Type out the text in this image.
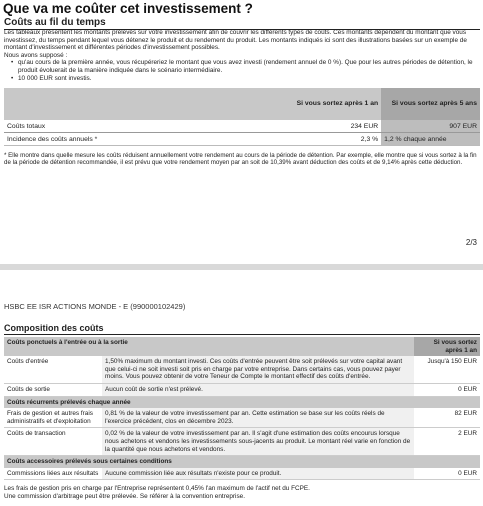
Que va me coûter cet investissement ?
Coûts au fil du temps

Les tableaux présentent les montants prélevés sur votre investissement afin de couvrir les différents types de coûts. Ces montants dépendent du montant que vous investissez, du temps pendant lequel vous détenez le produit et du rendement du produit. Les montants indiqués ici sont des illustrations basées sur un exemple de montant d'investissement et différentes périodes d'investissement possibles.

Nous avons supposé :

• qu'au cours de la première année, vous récupéreriez le montant que vous avez investi (rendement annuel de 0 %). Que pour les autres périodes de détention, le produit évoluerait de la manière indiquée dans le scénario intermédiaire.
• 10 000 EUR sont investis.
	Si vous sortez après 1 an	Si vous sortez après 5 ans
Coûts totaux	234 EUR	907 EUR
Incidence des coûts annuels *	2,3 %	1,2 % chaque année
* Elle montre dans quelle mesure les coûts réduisent annuellement votre rendement au cours de la période de détention. Par exemple, elle montre que si vous sortez à la fin de la période de détention recommandée, il est prévu que votre rendement moyen par an soit de 10,39% avant déduction des coûts et de 9,14% après cette déduction.
2/3
HSBC EE ISR ACTIONS MONDE - E (990000102429)
Composition des coûts
Coûts ponctuels à l'entrée ou à la sortie		Si vous sortez après 1 an
Coûts d'entrée	1,50% maximum du montant investi. Ces coûts d'entrée peuvent être soit prélevés sur votre capital avant que celui-ci ne soit investi soit pris en charge par votre entreprise. Dans certains cas, vous pouvez payer moins. Vous pouvez obtenir de votre Teneur de Compte le montant effectif des coûts d'entrée.	Jusqu'à 150 EUR
Coûts de sortie	Aucun coût de sortie n'est prélevé.	0 EUR
Coûts récurrents prélevés chaque année		
Frais de gestion et autres frais administratifs et d'exploitation	0,81 % de la valeur de votre investissement par an. Cette estimation se base sur les coûts réels de l'exercice précédent, clos en décembre 2023.	82 EUR
Coûts de transaction	0,02 % de la valeur de votre investissement par an. Il s'agit d'une estimation des coûts encourus lorsque nous achetons et vendons les investissements sous-jacents au produit. Le montant réel varie en fonction de la quantité que nous achetons et vendons.	2 EUR
Coûts accessoires prélevés sous certaines conditions		
Commissions liées aux résultats	Aucune commission liée aux résultats n'existe pour ce produit.	0 EUR
Les frais de gestion pris en charge par l'Entreprise représentent 0,45% l'an maximum de l'actif net du FCPE.
Une commission d'arbitrage peut être prélevée. Se référer à la convention entreprise.
